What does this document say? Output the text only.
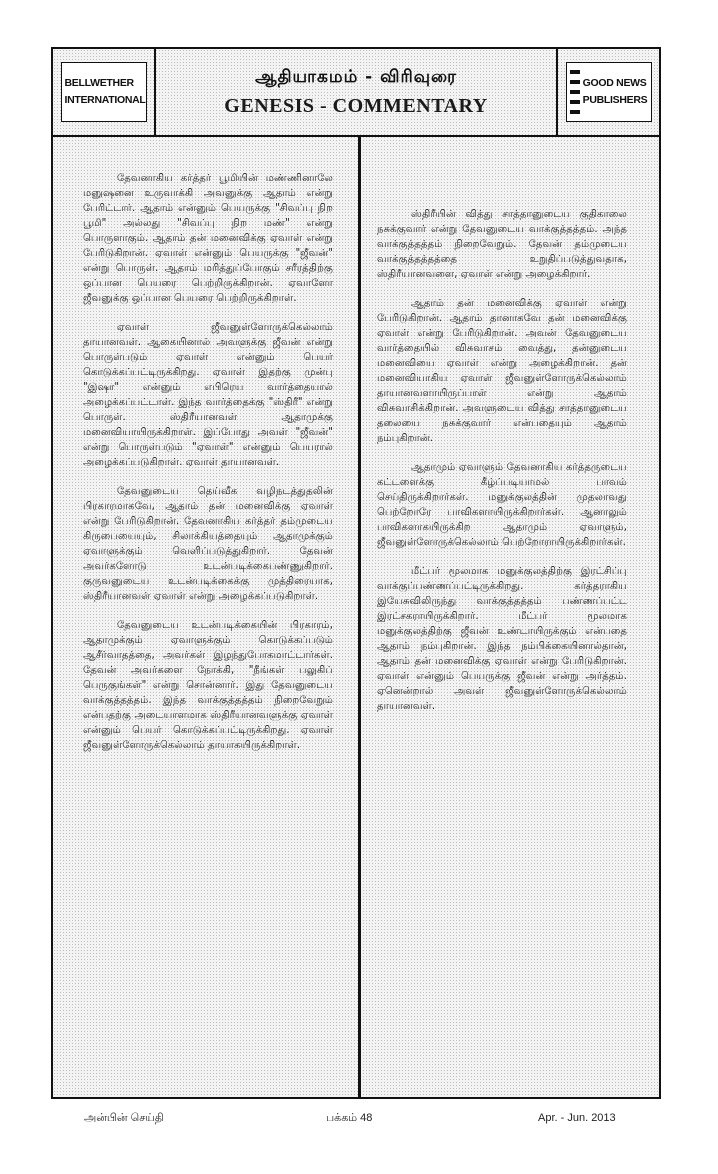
BELLWETHER
INTERNATIONAL
ஆதியாகமம் - விரிவுரை
GENESIS - COMMENTARY
GOOD NEWS
PUBLISHERS

தேவனாகிய கர்த்தர் பூமியின் மண்ணினாலே மனுஷனை உருவாக்கி அவனுக்கு ஆதாம் என்று பேரிட்டார். ஆதாம் என்னும் பெயருக்கு "சிவப்பு நிற பூமி" அல்லது "சிவப்பு நிற மண்" என்று பொருளாகும். ஆதாம் தன் மனைவிக்கு ஏவாள் என்று பேரிடுகிறான். ஏவாள் என்னும் பெயருக்கு "ஜீவன்" என்று பொருள். ஆதாம் மரித்துப்போகும் சரீரத்திற்கு ஒப்பான பெயரை பெற்றிருக்கிறான். ஏவாளோ ஜீவனுக்கு ஒப்பான பெயரை பெற்றிருக்கிறாள்.

ஏவாள் ஜீவனுள்ளோருக்கெல்லாம் தாயானவள். ஆகையினால் அவளுக்கு ஜீவன் என்று பொருள்படும் ஏவாள் என்னும் பெயர் கொடுக்கப்பட்டிருக்கிறது. ஏவாள் இதற்கு முன்பு "இஷா" என்னும் எபிரெய வார்த்தையால் அழைக்கப்பட்டாள். இந்த வார்த்தைக்கு "ஸ்திரீ" என்று பொருள். ஸ்திரீயானவள் ஆதாமுக்கு மனைவியாயிருக்கிறாள். இப்போது அவள் "ஜீவன்" என்று பொருள்படும் "ஏவாள்" என்னும் பெயரால் அழைக்கப்படுகிறாள். ஏவாள் தாயானவள்.

தேவனுடைய தெய்வீக வழிநடத்துதலின் பிரகாரமாகவே, ஆதாம் தன் மனைவிக்கு ஏவாள் என்று பேரிடுகிறான். தேவனாகிய கர்த்தர் தம்முடைய கிருபையையும், சிலாக்கியத்தையும் ஆதாமுக்கும் ஏவாளுக்கும் வெளிப்படுத்துகிறார். தேவன் அவர்களோடு உடன்படிக்கைபண்ணுகிறார். குருவனுடைய உடன்படிக்கைக்கு முத்திரையாக, ஸ்திரீயானவள் ஏவாள் என்று அழைக்கப்படுகிறாள்.

தேவனுடைய உடன்படிக்கையின் பிரகாரம், ஆதாமுக்கும் ஏவாளுக்கும் கொடுக்கப்படும் ஆசீர்வாதத்தை, அவர்கள் இழந்துபோகமாட்டார்கள். தேவன் அவர்களை நோக்கி, "நீங்கள் பலுகிப் பெருகுங்கள்" என்று சொன்னார். இது தேவனுடைய வாக்குத்தத்தம். இந்த வாக்குத்தத்தம் நிறைவேறும் என்பதற்கு அடையாளமாக ஸ்திரீயானவளுக்கு ஏவாள் என்னும் பெயர் கொடுக்கப்பட்டிருக்கிறது. ஏவாள் ஜீவனுள்ளோருக்கெல்லாம் தாயாகயிருக்கிறாள்.

ஸ்திரீயின் வித்து சாத்தானுடைய குதிகாலை நசுக்குவார் என்று தேவனுடைய வாக்குத்தத்தம். அந்த வாக்குத்தத்தம் நிறைவேறும். தேவன் தம்முடைய வாக்குத்தத்தத்தை உறுதிப்படுத்துவதாக, ஸ்திரீயானவளை, ஏவாள் என்று அழைக்கிறார்.

ஆதாம் தன் மனைவிக்கு ஏவாள் என்று பேரிடுகிறான். ஆதாம் தானாகவே தன் மனைவிக்கு ஏவாள் என்று பேரிடுகிறான். அவன் தேவனுடைய வார்த்தையில் விசுவாசம் வைத்து, தன்னுடைய மனைவியை ஏவாள் என்று அழைக்கிறான். தன் மனைவியாகிய ஏவாள் ஜீவனுள்ளோருக்கெல்லாம் தாயானவளாயிருப்பாள் என்று ஆதாம் விசுவாசிக்கிறான். அவளுடைய வித்து சாத்தானுடைய தலையை நசுக்குவார் என்பதையும் ஆதாம் நம்புகிறான்.

ஆதாமும் ஏவாளும் தேவனாகிய கர்த்தருடைய கட்டளைக்கு கீழ்ப்படியாமல் பாவம் செய்திருக்கிறார்கள். மனுக்குலத்தின் முதலாவது பெற்றோரே பாவிகளாயிருக்கிறார்கள். ஆனாலும் பாவிகளாகயிருக்கிற ஆதாமும் ஏவாளும், ஜீவனுள்ளோருக்கெல்லாம் பெற்றோராயிருக்கிறார்கள்.

மீட்பர் மூலமாக மனுக்குலத்திற்கு இரட்சிப்பு வாக்குப்பண்ணப்பட்டிருக்கிறது. கர்த்தராகிய இயேசுவிலிருந்து வாக்குத்தத்தம் பண்ணப்பட்ட இரட்சகராயிருக்கிறார். மீட்பர் மூலமாக மனுக்குலத்திற்கு ஜீவன் உண்டாயிருக்கும் என்பதை ஆதாம் நம்புகிறான். இந்த நம்பிக்கையினால்தான், ஆதாம் தன் மனைவிக்கு ஏவாள் என்று பேரிடுகிறான். ஏவாள் என்னும் பெயருக்கு ஜீவன் என்று அர்த்தம். ஏனென்றால் அவள் ஜீவனுள்ளோருக்கெல்லாம் தாயானவள்.

அன்பின் செய்தி	பக்கம் 48	Apr. - Jun. 2013
